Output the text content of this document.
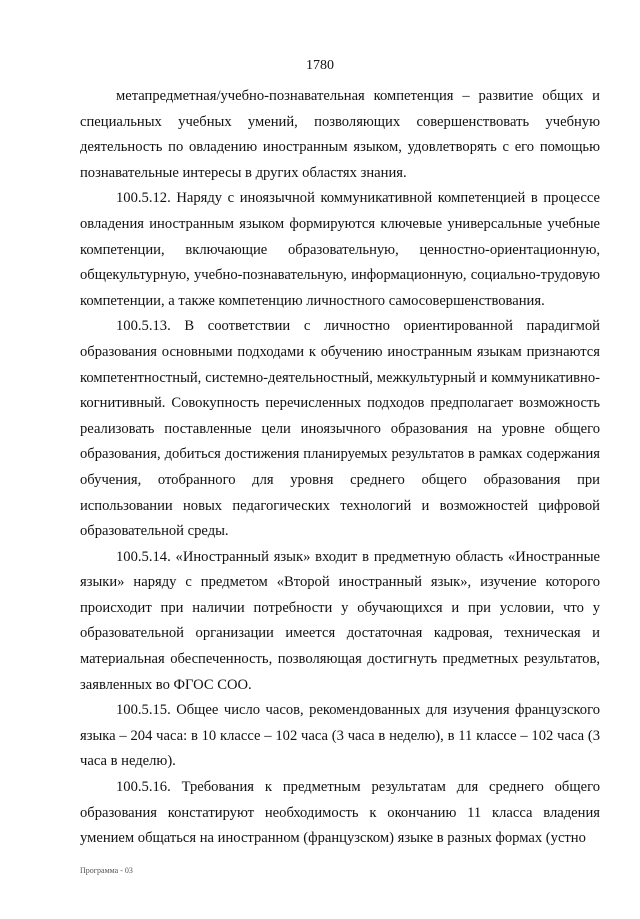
1780

метапредметная/учебно-познавательная компетенция – развитие общих и специальных учебных умений, позволяющих совершенствовать учебную деятельность по овладению иностранным языком, удовлетворять с его помощью познавательные интересы в других областях знания.

100.5.12. Наряду с иноязычной коммуникативной компетенцией в процессе овладения иностранным языком формируются ключевые универсальные учебные компетенции, включающие образовательную, ценностно-ориентационную, общекультурную, учебно-познавательную, информационную, социально-трудовую компетенции, а также компетенцию личностного самосовершенствования.

100.5.13. В соответствии с личностно ориентированной парадигмой образования основными подходами к обучению иностранным языкам признаются компетентностный, системно-деятельностный, межкультурный и коммуникативно-когнитивный. Совокупность перечисленных подходов предполагает возможность реализовать поставленные цели иноязычного образования на уровне общего образования, добиться достижения планируемых результатов в рамках содержания обучения, отобранного для уровня среднего общего образования при использовании новых педагогических технологий и возможностей цифровой образовательной среды.

100.5.14. «Иностранный язык» входит в предметную область «Иностранные языки» наряду с предметом «Второй иностранный язык», изучение которого происходит при наличии потребности у обучающихся и при условии, что у образовательной организации имеется достаточная кадровая, техническая и материальная обеспеченность, позволяющая достигнуть предметных результатов, заявленных во ФГОС СОО.

100.5.15. Общее число часов, рекомендованных для изучения французского языка – 204 часа: в 10 классе – 102 часа (3 часа в неделю), в 11 классе – 102 часа (3 часа в неделю).

100.5.16. Требования к предметным результатам для среднего общего образования констатируют необходимость к окончанию 11 класса владения умением общаться на иностранном (французском) языке в разных формах (устно

Программа - 03
